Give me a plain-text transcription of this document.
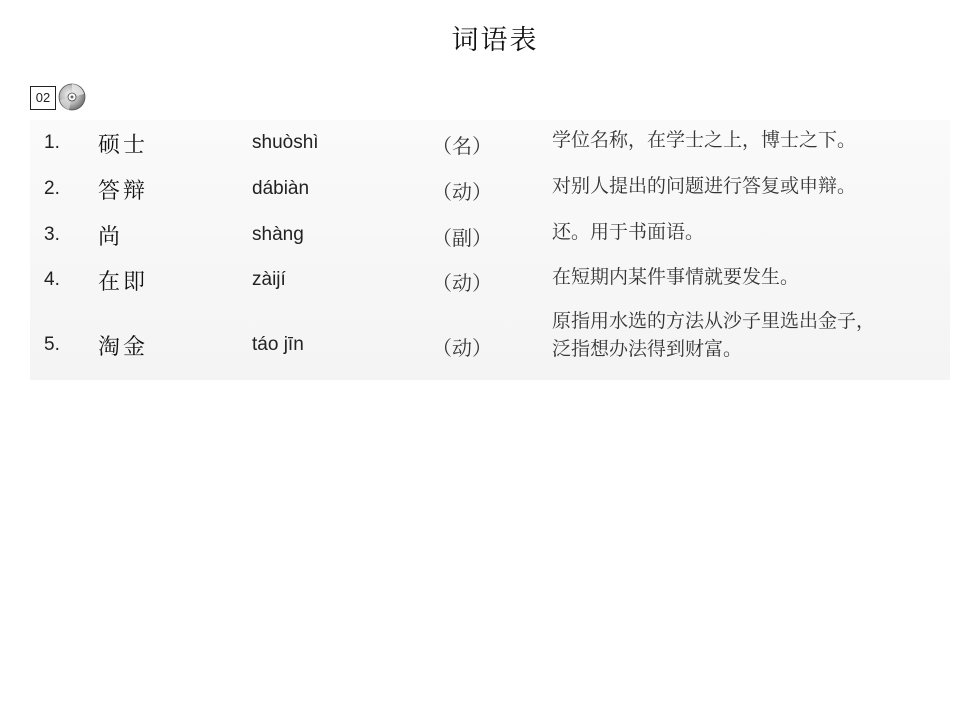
词语表
02
1. 硕士	shuòshì	（名）	学位名称，在学士之上，博士之下。
2. 答辩	dábiàn	（动）	对别人提出的问题进行答复或申辩。
3. 尚	shàng	（副）	还。用于书面语。
4. 在即	zàijí	（动）	在短期内某件事情就要发生。
5. 淘金	táo jīn	（动）
原指用水选的方法从沙子里选出金子，
泛指想办法得到财富。
